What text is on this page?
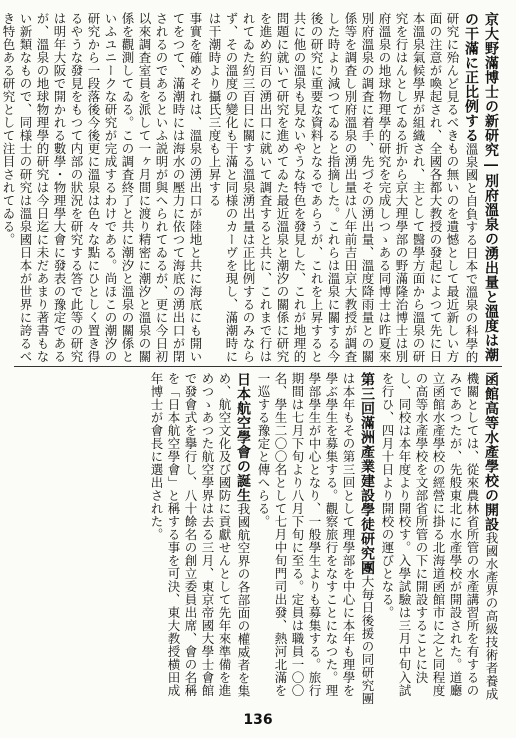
京大野滿博士の新研究―別府溫泉の湧出量と溫度は潮の干滿に正比例する溫泉國と自負する日本で溫泉の科學的研究に殆んど見るべきもの無いのを遺憾として最近新しい方面の注意が喚起され、全國各都大教授の發起によつて先に日本溫泉氣候學界が組織され、主として醫學方面から溫泉の研究を行はんとしてゐる折から京大理學部の野滿隆治博士は別府溫泉の地球物理學的研究を完成しつゝある同博士は昨夏來別府溫泉の調査に着手、先づその湧出量、溫度降雨量との關係等を調査し別府溫泉の湧出量は八年前吉田京大教授が調査した時より減つてゐると指摘した。これらは溫泉に關する今後の研究に重要な資料となるであらうが、これを上昇すると共に他の溫泉も見ないやうな特色を發見した、これが地理的問題に就いて研究を進めてゐた最近溫泉と潮汐の關係に研究を進め約百の湧出口に就いて調査すると共に、これまで行はれてゐた約三百日に關する溫泉湧出量は正比例するのみならず、その溫度の變化も干滿と同様のカーヴを現し、滿潮時には干潮時より攝氏三度も上昇する
事實を確めそれは、溫泉の湧出口が陸地と共に海底にも開いてをつて、滿潮時には海水の壓力に依つて海底の湧出口が閉されるのであるといふ説明が與へられてゐるが、更に今日初以來調査室員を派して一ヶ月間に渡り精密に潮汐と溫泉の關係を觀測してゐる。この調査終了と共に潮汐と溫泉の關係といふユニークな研究が完成するわけである。尚ほこの潮汐の研究から一段落後今後更に溫泉は色々な點にひとしく置き得るやうな發見をもつて内部の狀況を研究する答で此等の研究は明年大阪で開かれる數學・物理學大會に發表の豫定であるが、溫泉の地球物理學的研究は今日迄に未だあまり著書もない新類なもので、同様士の研究は溫泉國日本が世界に誇るべき特色ある研究として注目されてゐる。
函館高等水產學校の開設我國水產界の高級技術者養成機關としては、從來農林省所管の水產講習所を有するのみであつたが、先般東北に水產學校が開設された。道廳立函館水產學校の經營に掛る北海道函館市に之と同程度の高等水產學校を文部省所管の下に開設することに決し、同校は本年度より開校す。入學試驗は三月中旬入試を行ひ、四月十日より開校の運びとなる。
第三回滿洲產業建設學徒研究團大毎日後援の同研究團は本年もその第三回として理學部を中心に本年も理學を學ぶ學生を募集する。觀察旅行をなすことになつた。理學部學生が中心となり、一般學生よりも募集する。旅行期間は七月下旬より八月下旬に至る。定員は職員一〇〇名、學生二〇〇名として七月中旬門司出發、熱河北滿を一巡する豫定と傳へらる。
日本航空學會の誕生我國航空界の各部面の權威者を集め、航空文化及び國防に貢獻せんとして先年來準備を進めつゝあつた航空學界は去る三月、東京帝國大學士會館で發會式を擧行し、八十餘名の創立委員出席、會の名稱を「日本航空學會」と稱する事を可決、東大教授横田成年博士が會長に選出された。
136
